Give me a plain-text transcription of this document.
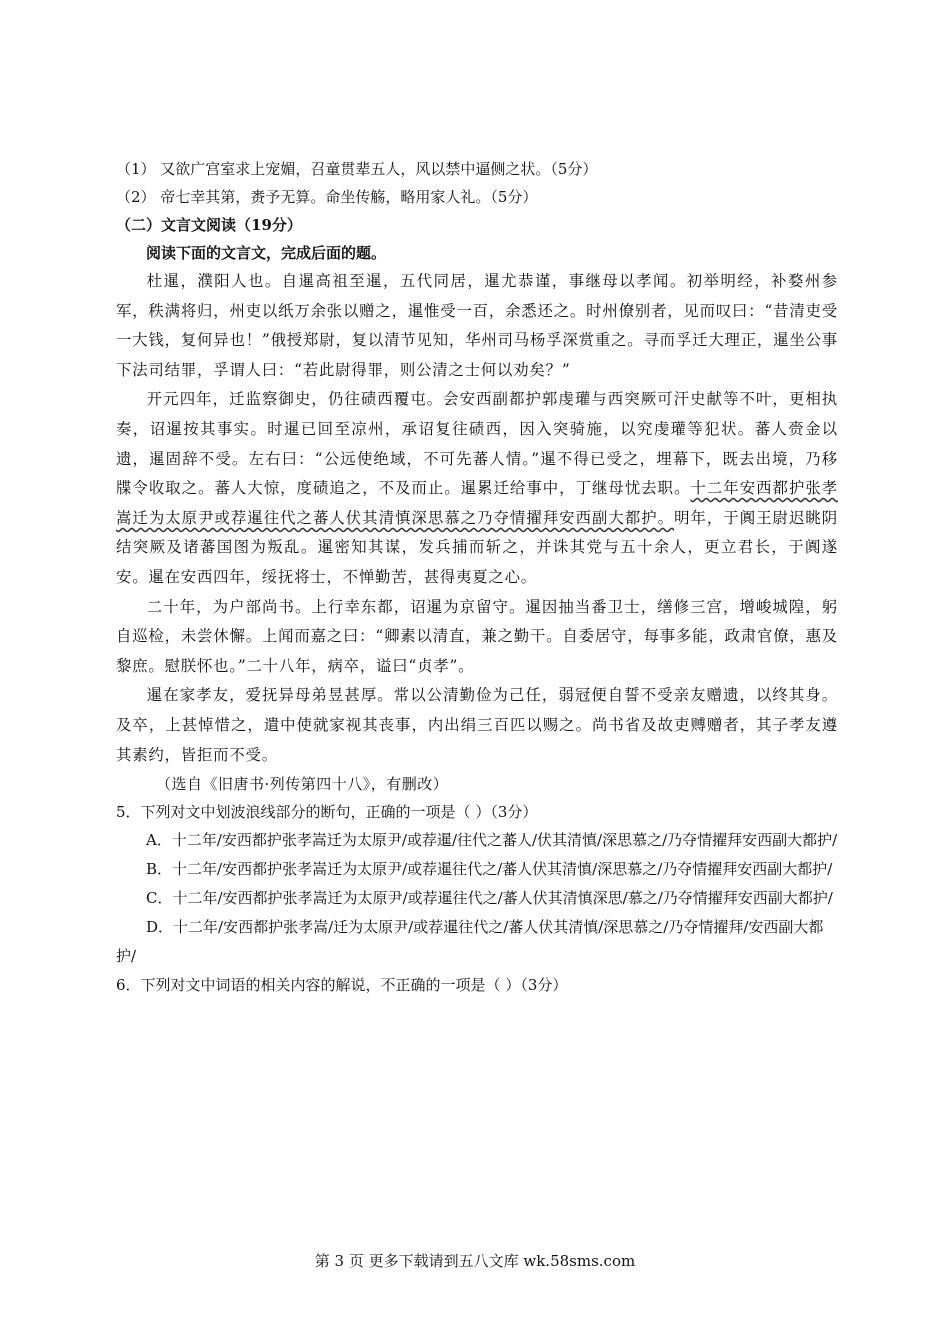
（1） 又欲广宫室求上宠媚，召童贯辈五人，风以禁中逼侧之状。（5分）
（2） 帝七幸其第，赉予无算。命坐传觞，略用家人礼。（5分）
（二）文言文阅读（19分）
阅读下面的文言文，完成后面的题。

杜暹，濮阳人也。自暹高祖至暹，五代同居，暹尤恭谨，事继母以孝闻。初举明经，补婺州参军，秩满将归，州吏以纸万余张以赠之，暹惟受一百，余悉还之。时州僚别者，见而叹曰：“昔清吏受一大钱，复何异也！”俄授郑尉，复以清节见知，华州司马杨孚深赏重之。寻而孚迁大理正，暹坐公事下法司结罪，孚谓人曰：“若此尉得罪，则公清之士何以劝矣？”

开元四年，迁监察御史，仍往碛西覆屯。会安西副都护郭虔瓘与西突厥可汗史献等不叶，更相执奏，诏暹按其事实。时暹已回至凉州，承诏复往碛西，因入突骑施，以究虔瓘等犯状。蕃人赍金以遗，暹固辞不受。左右曰：“公远使绝域，不可先蕃人情。”暹不得已受之，埋幕下，既去出境，乃移牒令收取之。蕃人大惊，度碛追之，不及而止。暹累迁给事中，丁继母忧去职。十二年安西都护张孝嵩迁为太原尹或荐暹往代之蕃人伏其清慎深思慕之乃夺情擢拜安西副大都护。明年，于阗王尉迟眺阴结突厥及诸蕃国图为叛乱。暹密知其谋，发兵捕而斩之，并诛其党与五十余人，更立君长，于阗遂安。暹在安西四年，绥抚将士，不惮勤苦，甚得夷夏之心。

二十年，为户部尚书。上行幸东都，诏暹为京留守。暹因抽当番卫士，缮修三宫，增峻城隍，躬自巡检，未尝休懈。上闻而嘉之曰：“卿素以清直，兼之勤干。自委居守，每事多能，政肃官僚，惠及黎庶。慰朕怀也。”二十八年，病卒，谥曰“贞孝”。

暹在家孝友，爱抚异母弟昱甚厚。常以公清勤俭为己任，弱冠便自誓不受亲友赠遗，以终其身。及卒，上甚悼惜之，遣中使就家视其丧事，内出绢三百匹以赐之。尚书省及故吏赙赠者，其子孝友遵其素约，皆拒而不受。

（选自《旧唐书·列传第四十八》，有删改）
5．下列对文中划波浪线部分的断句，正确的一项是（ ）（3分）

A．十二年/安西都护张孝嵩迁为太原尹/或荐暹/往代之蕃人/伏其清慎/深思慕之/乃夺情擢拜安西副大都护/

B．十二年/安西都护张孝嵩迁为太原尹/或荐暹往代之/蕃人伏其清慎/深思慕之/乃夺情擢拜安西副大都护/

C．十二年/安西都护张孝嵩迁为太原尹/或荐暹往代之/蕃人伏其清慎深思/慕之/乃夺情擢拜安西副大都护/

D．十二年/安西都护张孝嵩/迁为太原尹/或荐暹往代之/蕃人伏其清慎/深思慕之/乃夺情擢拜/安西副大都护/

6．下列对文中词语的相关内容的解说，不正确的一项是（ ）（3分）
第 3 页 更多下载请到五八文库 wk.58sms.com
